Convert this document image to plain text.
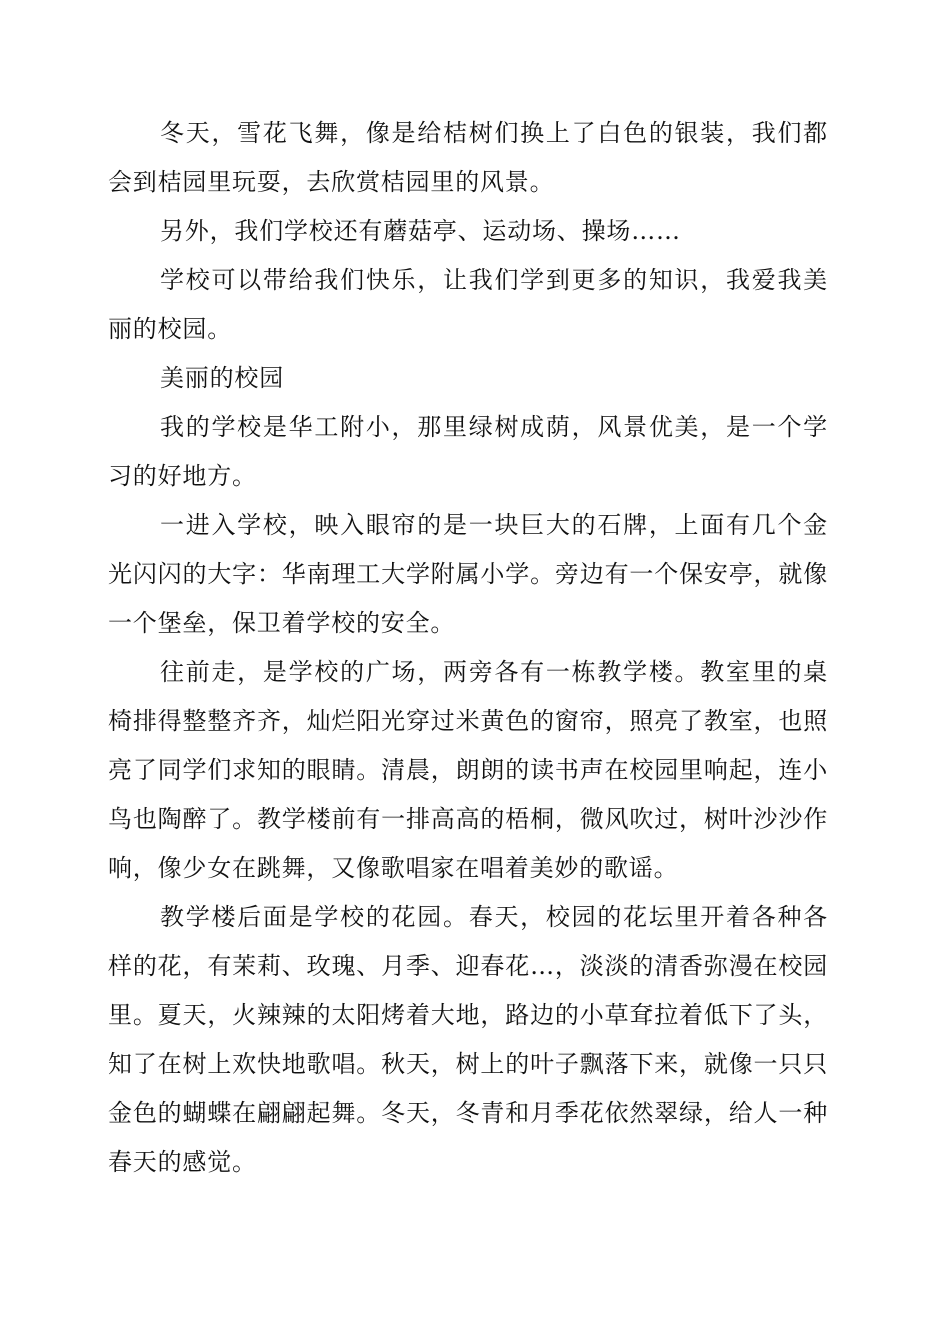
冬天，雪花飞舞，像是给桔树们换上了白色的银装，我们都会到桔园里玩耍，去欣赏桔园里的风景。

另外，我们学校还有蘑菇亭、运动场、操场……

学校可以带给我们快乐，让我们学到更多的知识，我爱我美丽的校园。

美丽的校园

我的学校是华工附小，那里绿树成荫，风景优美，是一个学习的好地方。

一进入学校，映入眼帘的是一块巨大的石牌，上面有几个金光闪闪的大字：华南理工大学附属小学。旁边有一个保安亭，就像一个堡垒，保卫着学校的安全。

往前走，是学校的广场，两旁各有一栋教学楼。教室里的桌椅排得整整齐齐，灿烂阳光穿过米黄色的窗帘，照亮了教室，也照亮了同学们求知的眼睛。清晨，朗朗的读书声在校园里响起，连小鸟也陶醉了。教学楼前有一排高高的梧桐，微风吹过，树叶沙沙作响，像少女在跳舞，又像歌唱家在唱着美妙的歌谣。

教学楼后面是学校的花园。春天，校园的花坛里开着各种各样的花，有茉莉、玫瑰、月季、迎春花…，淡淡的清香弥漫在校园里。夏天，火辣辣的太阳烤着大地，路边的小草耷拉着低下了头，知了在树上欢快地歌唱。秋天，树上的叶子飘落下来，就像一只只金色的蝴蝶在翩翩起舞。冬天，冬青和月季花依然翠绿，给人一种春天的感觉。
